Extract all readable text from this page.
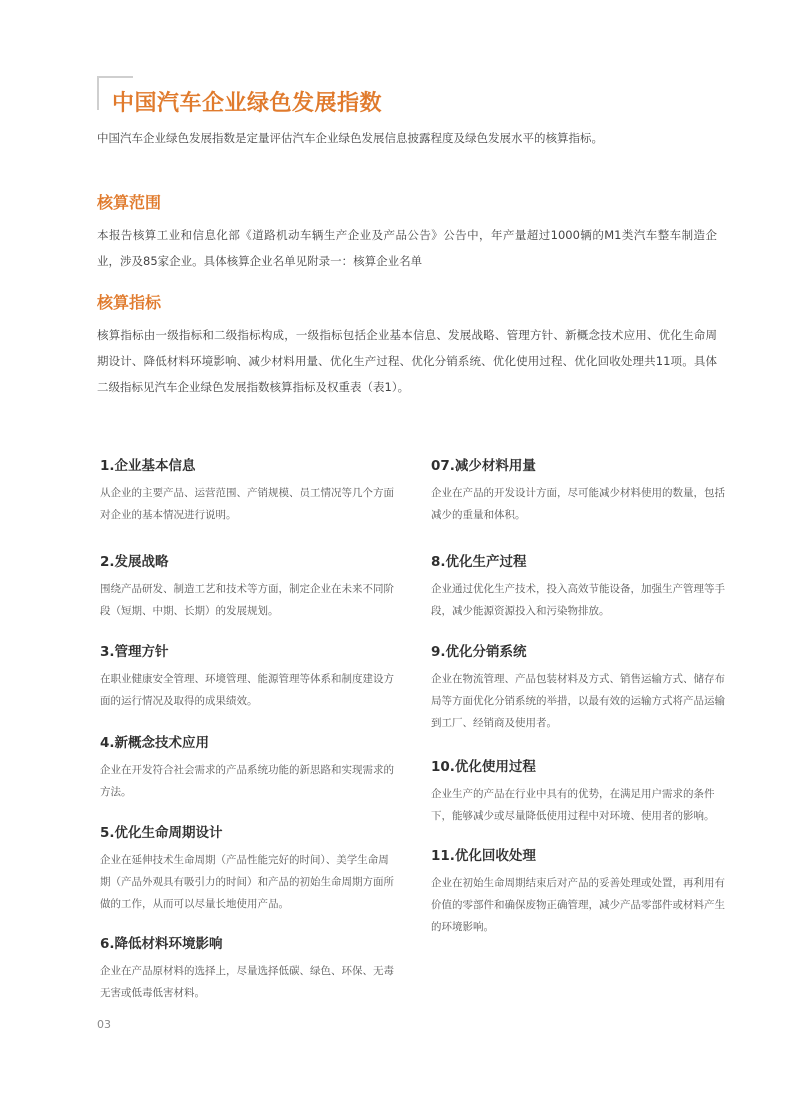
中国汽车企业绿色发展指数

中国汽车企业绿色发展指数是定量评估汽车企业绿色发展信息披露程度及绿色发展水平的核算指标。

核算范围

本报告核算工业和信息化部《道路机动车辆生产企业及产品公告》公告中，年产量超过1000辆的M1类汽车整车制造企业，涉及85家企业。具体核算企业名单见附录一：核算企业名单

核算指标

核算指标由一级指标和二级指标构成，一级指标包括企业基本信息、发展战略、管理方针、新概念技术应用、优化生命周期设计、降低材料环境影响、减少材料用量、优化生产过程、优化分销系统、优化使用过程、优化回收处理共11项。具体二级指标见汽车企业绿色发展指数核算指标及权重表（表1）。

1.企业基本信息

从企业的主要产品、运营范围、产销规模、员工情况等几个方面对企业的基本情况进行说明。

2.发展战略

围绕产品研发、制造工艺和技术等方面，制定企业在未来不同阶段（短期、中期、长期）的发展规划。

3.管理方针

在职业健康安全管理、环境管理、能源管理等体系和制度建设方面的运行情况及取得的成果绩效。

4.新概念技术应用

企业在开发符合社会需求的产品系统功能的新思路和实现需求的方法。

5.优化生命周期设计

企业在延伸技术生命周期（产品性能完好的时间）、美学生命周期（产品外观具有吸引力的时间）和产品的初始生命周期方面所做的工作，从而可以尽量长地使用产品。

6.降低材料环境影响

企业在产品原材料的选择上，尽量选择低碳、绿色、环保、无毒无害或低毒低害材料。

07.减少材料用量

企业在产品的开发设计方面，尽可能减少材料使用的数量，包括减少的重量和体积。

8.优化生产过程

企业通过优化生产技术，投入高效节能设备，加强生产管理等手段，减少能源资源投入和污染物排放。

9.优化分销系统

企业在物流管理、产品包装材料及方式、销售运输方式、储存布局等方面优化分销系统的举措，以最有效的运输方式将产品运输到工厂、经销商及使用者。

10.优化使用过程

企业生产的产品在行业中具有的优势，在满足用户需求的条件下，能够减少或尽量降低使用过程中对环境、使用者的影响。

11.优化回收处理

企业在初始生命周期结束后对产品的妥善处理或处置，再利用有价值的零部件和确保废物正确管理，减少产品零部件或材料产生的环境影响。

03
